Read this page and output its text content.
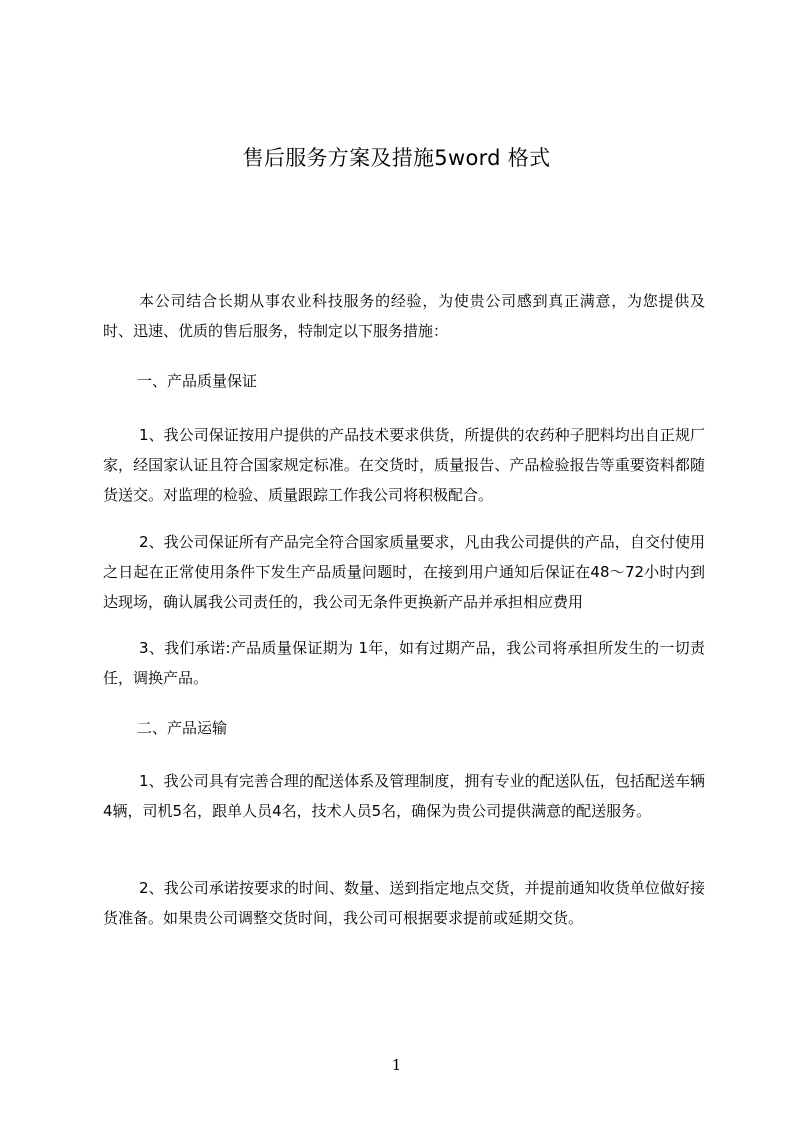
售后服务方案及措施5word 格式

本公司结合长期从事农业科技服务的经验，为使贵公司感到真正满意，为您提供及时、迅速、优质的售后服务，特制定以下服务措施：

一、产品质量保证

1、我公司保证按用户提供的产品技术要求供货，所提供的农药种子肥料均出自正规厂家，经国家认证且符合国家规定标准。在交货时，质量报告、产品检验报告等重要资料都随货送交。对监理的检验、质量跟踪工作我公司将积极配合。

2、我公司保证所有产品完全符合国家质量要求，凡由我公司提供的产品，自交付使用之日起在正常使用条件下发生产品质量问题时，在接到用户通知后保证在48～72小时内到达现场，确认属我公司责任的，我公司无条件更换新产品并承担相应费用

3、我们承诺:产品质量保证期为 1年，如有过期产品，我公司将承担所发生的一切责任，调换产品。

二、产品运输

1、我公司具有完善合理的配送体系及管理制度，拥有专业的配送队伍，包括配送车辆4辆，司机5名，跟单人员4名，技术人员5名，确保为贵公司提供满意的配送服务。

2、我公司承诺按要求的时间、数量、送到指定地点交货，并提前通知收货单位做好接货准备。如果贵公司调整交货时间，我公司可根据要求提前或延期交货。

1
